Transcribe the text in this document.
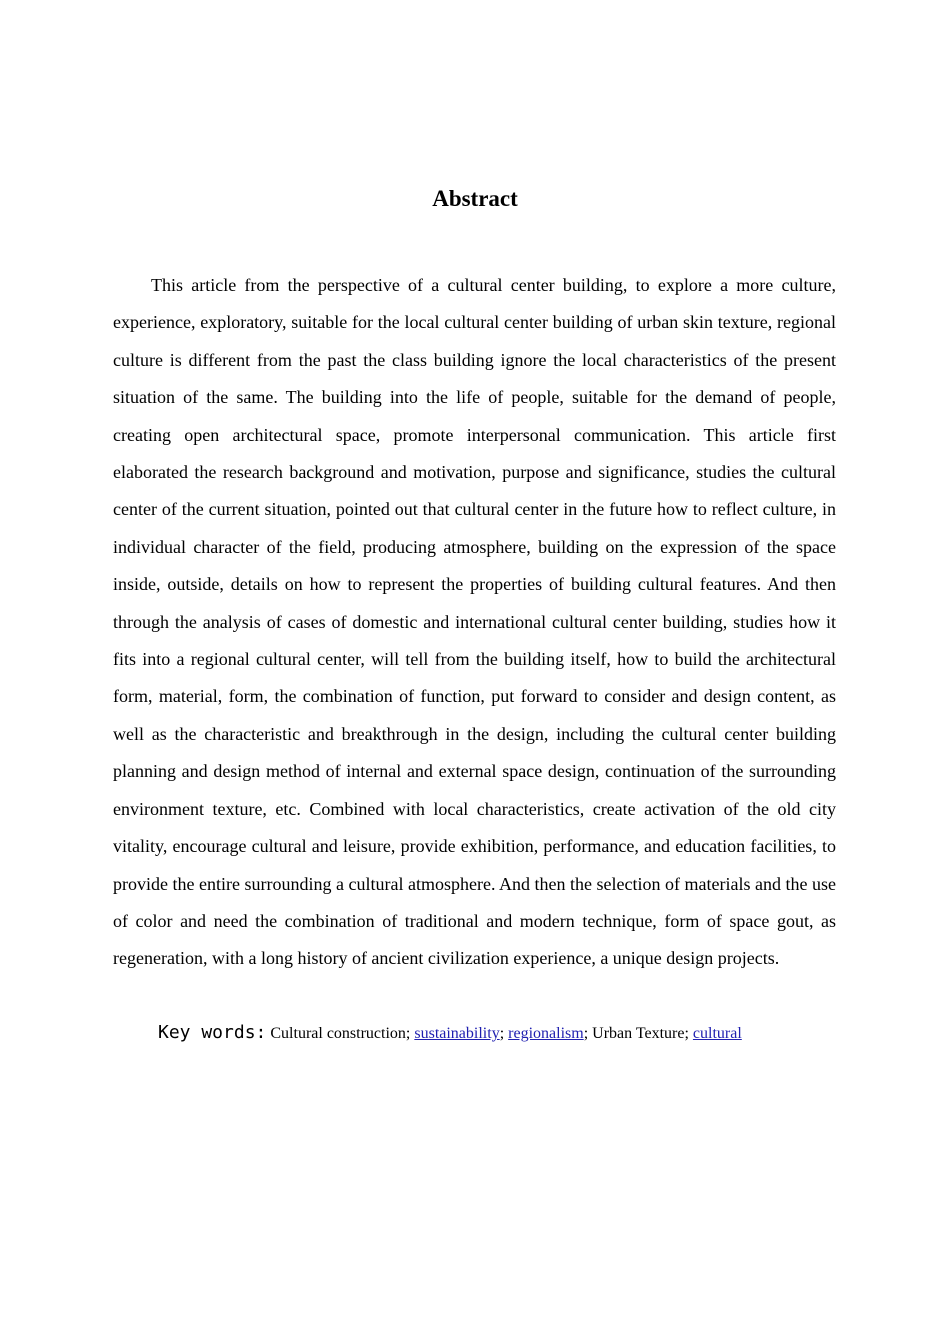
Abstract

This article from the perspective of a cultural center building, to explore a more culture, experience, exploratory, suitable for the local cultural center building of urban skin texture, regional culture is different from the past the class building ignore the local characteristics of the present situation of the same. The building into the life of people, suitable for the demand of people, creating open architectural space, promote interpersonal communication. This article first elaborated the research background and motivation, purpose and significance, studies the cultural center of the current situation, pointed out that cultural center in the future how to reflect culture, in individual character of the field, producing atmosphere, building on the expression of the space inside, outside, details on how to represent the properties of building cultural features. And then through the analysis of cases of domestic and international cultural center building, studies how it fits into a regional cultural center, will tell from the building itself, how to build the architectural form, material, form, the combination of function, put forward to consider and design content, as well as the characteristic and breakthrough in the design, including the cultural center building planning and design method of internal and external space design, continuation of the surrounding environment texture, etc. Combined with local characteristics, create activation of the old city vitality, encourage cultural and leisure, provide exhibition, performance, and education facilities, to provide the entire surrounding a cultural atmosphere. And then the selection of materials and the use of color and need the combination of traditional and modern technique, form of space gout, as regeneration, with a long history of ancient civilization experience, a unique design projects.

Key words: Cultural construction; sustainability; regionalism; Urban Texture; cultural
